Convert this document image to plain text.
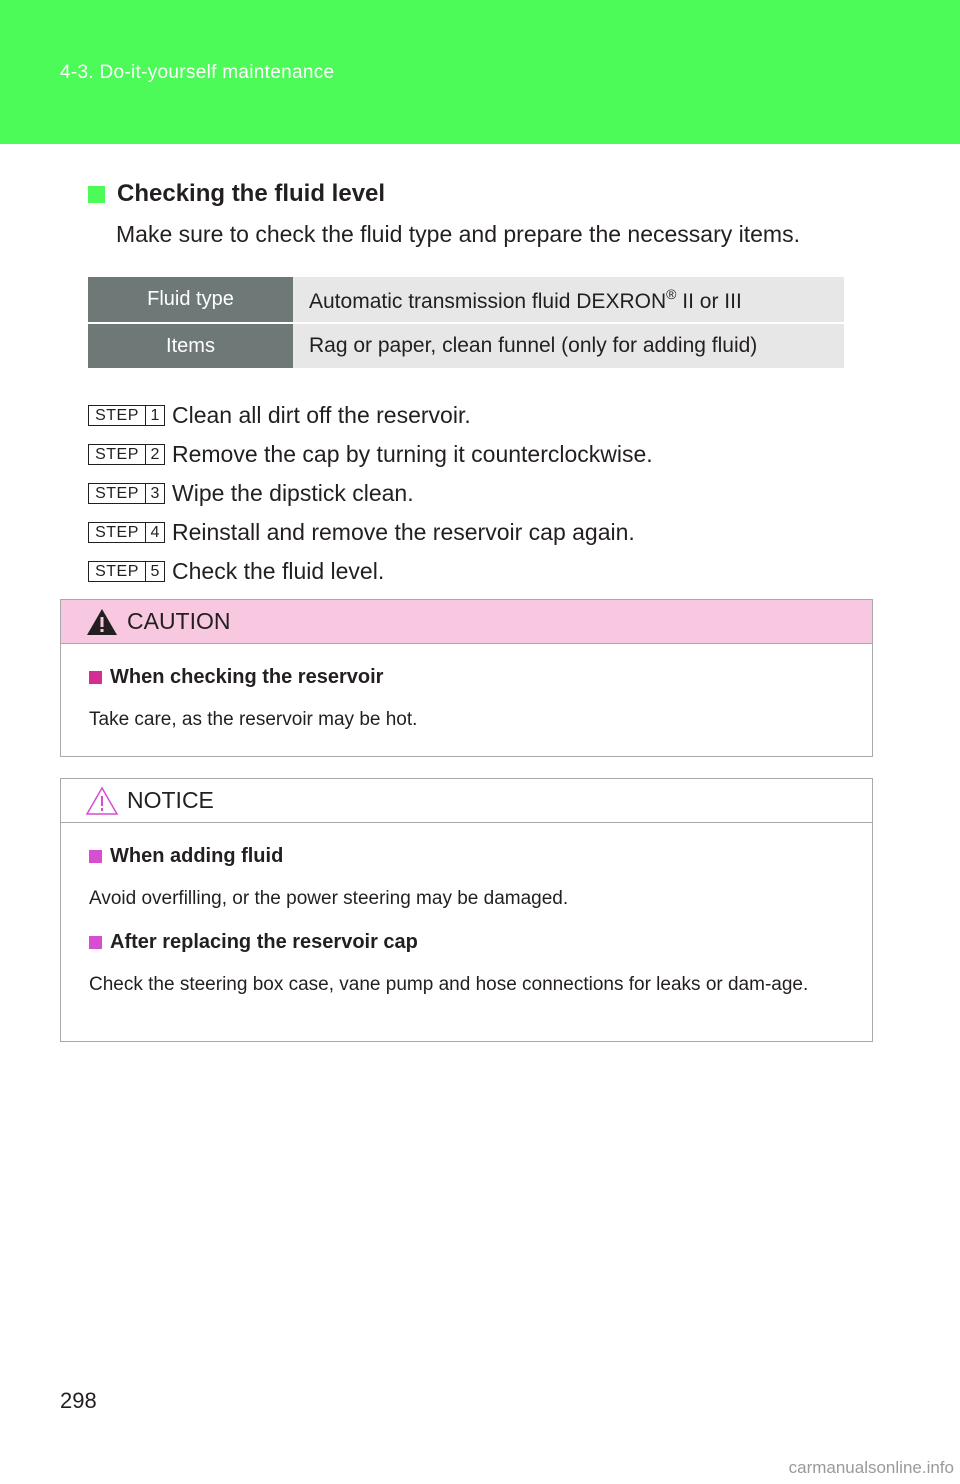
4-3. Do-it-yourself maintenance
Checking the fluid level
Make sure to check the fluid type and prepare the necessary items.
Fluid type	Automatic transmission fluid DEXRON® II or III
Items	Rag or paper, clean funnel (only for adding fluid)
STEP 1 Clean all dirt off the reservoir.
STEP 2 Remove the cap by turning it counterclockwise.
STEP 3 Wipe the dipstick clean.
STEP 4 Reinstall and remove the reservoir cap again.
STEP 5 Check the fluid level.
CAUTION
When checking the reservoir
Take care, as the reservoir may be hot.
NOTICE
When adding fluid
Avoid overfilling, or the power steering may be damaged.
After replacing the reservoir cap
Check the steering box case, vane pump and hose connections for leaks or dam-age.
298
carmanualsonline.info
